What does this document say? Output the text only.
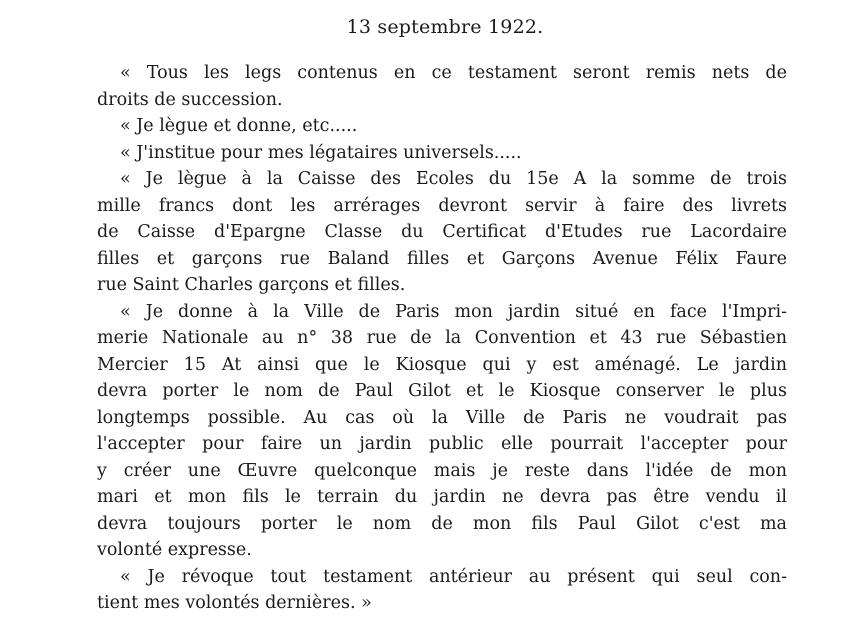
13 septembre 1922.
« Tous les legs contenus en ce testament seront remis nets de
droits de succession.
« Je lègue et donne, etc.....
« J'institue pour mes légataires universels.....
« Je lègue à la Caisse des Ecoles du 15e A la somme de trois
mille francs dont les arrérages devront servir à faire des livrets
de Caisse d'Epargne Classe du Certificat d'Etudes rue Lacordaire
filles et garçons rue Baland filles et Garçons Avenue Félix Faure
rue Saint Charles garçons et filles.
« Je donne à la Ville de Paris mon jardin situé en face l'Impri-
merie Nationale au n° 38 rue de la Convention et 43 rue Sébastien
Mercier 15 At ainsi que le Kiosque qui y est aménagé. Le jardin
devra porter le nom de Paul Gilot et le Kiosque conserver le plus
longtemps possible. Au cas où la Ville de Paris ne voudrait pas
l'accepter pour faire un jardin public elle pourrait l'accepter pour
y créer une Œuvre quelconque mais je reste dans l'idée de mon
mari et mon fils le terrain du jardin ne devra pas être vendu il
devra toujours porter le nom de mon fils Paul Gilot c'est ma
volonté expresse.
« Je révoque tout testament antérieur au présent qui seul con-
tient mes volontés dernières. »
